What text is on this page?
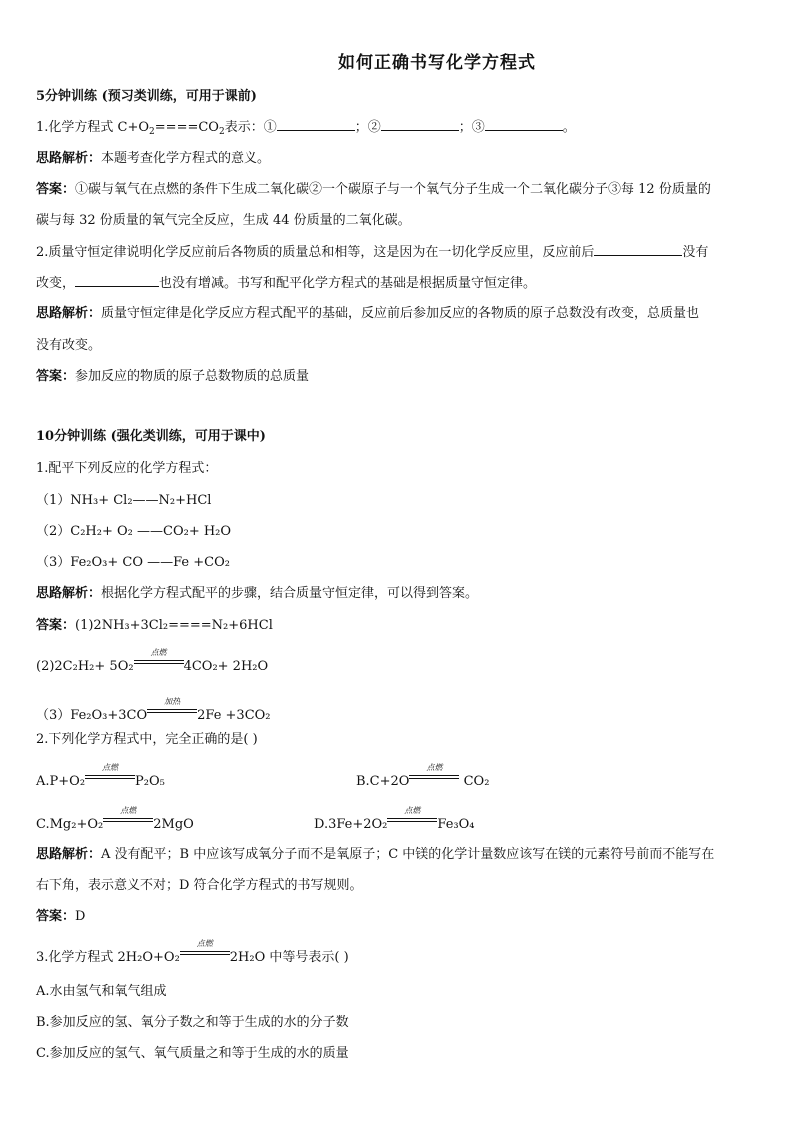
如何正确书写化学方程式
5分钟训练 (预习类训练，可用于课前)
1.化学方程式 $C+O_2====CO_2$表示：①	；②	；③	。
思路解析：本题考查化学方程式的意义。
答案：①碳与氧气在点燃的条件下生成二氧化碳②一个碳原子与一个氧气分子生成一个二氧化碳分子③每 12 份质量的
碳与每 32 份质量的氧气完全反应，生成 44 份质量的二氧化碳。
2.质量守恒定律说明化学反应前后各物质的质量总和相等，这是因为在一切化学反应里，反应前后	没有
改变，	也没有增减。书写和配平化学方程式的基础是根据质量守恒定律。
思路解析：质量守恒定律是化学反应方程式配平的基础，反应前后参加反应的各物质的原子总数没有改变，总质量也
没有改变。
答案：参加反应的物质的原子总数物质的总质量
10分钟训练 (强化类训练，可用于课中)
1.配平下列反应的化学方程式：
（1）NH₃+ Cl₂——N₂+HCl
（2）C₂H₂+ O₂ ——CO₂+ H₂O
（3）Fe₂O₃+ CO ——Fe +CO₂
思路解析：根据化学方程式配平的步骤，结合质量守恒定律，可以得到答案。
答案：(1)2NH₃+3Cl₂====N₂+6HCl
(2)2C₂H₂+ 5O₂
点燃
4CO₂+ 2H₂O
（3）Fe₂O₃+3CO
加热
2Fe +3CO₂
2.下列化学方程式中，完全正确的是( )
A.P+O₂
点燃
P₂O₅	B.C+2O
点燃
CO₂
C.Mg₂+O₂
点燃
2MgO	D.3Fe+2O₂
点燃
Fe₃O₄
思路解析：A 没有配平；B 中应该写成氧分子而不是氧原子；C 中镁的化学计量数应该写在镁的元素符号前而不能写在
右下角，表示意义不对；D 符合化学方程式的书写规则。
答案：D
3.化学方程式 2H₂O+O₂
点燃
2H₂O 中等号表示( )
A.水由氢气和氧气组成
B.参加反应的氢、氧分子数之和等于生成的水的分子数
C.参加反应的氢气、氧气质量之和等于生成的水的质量
